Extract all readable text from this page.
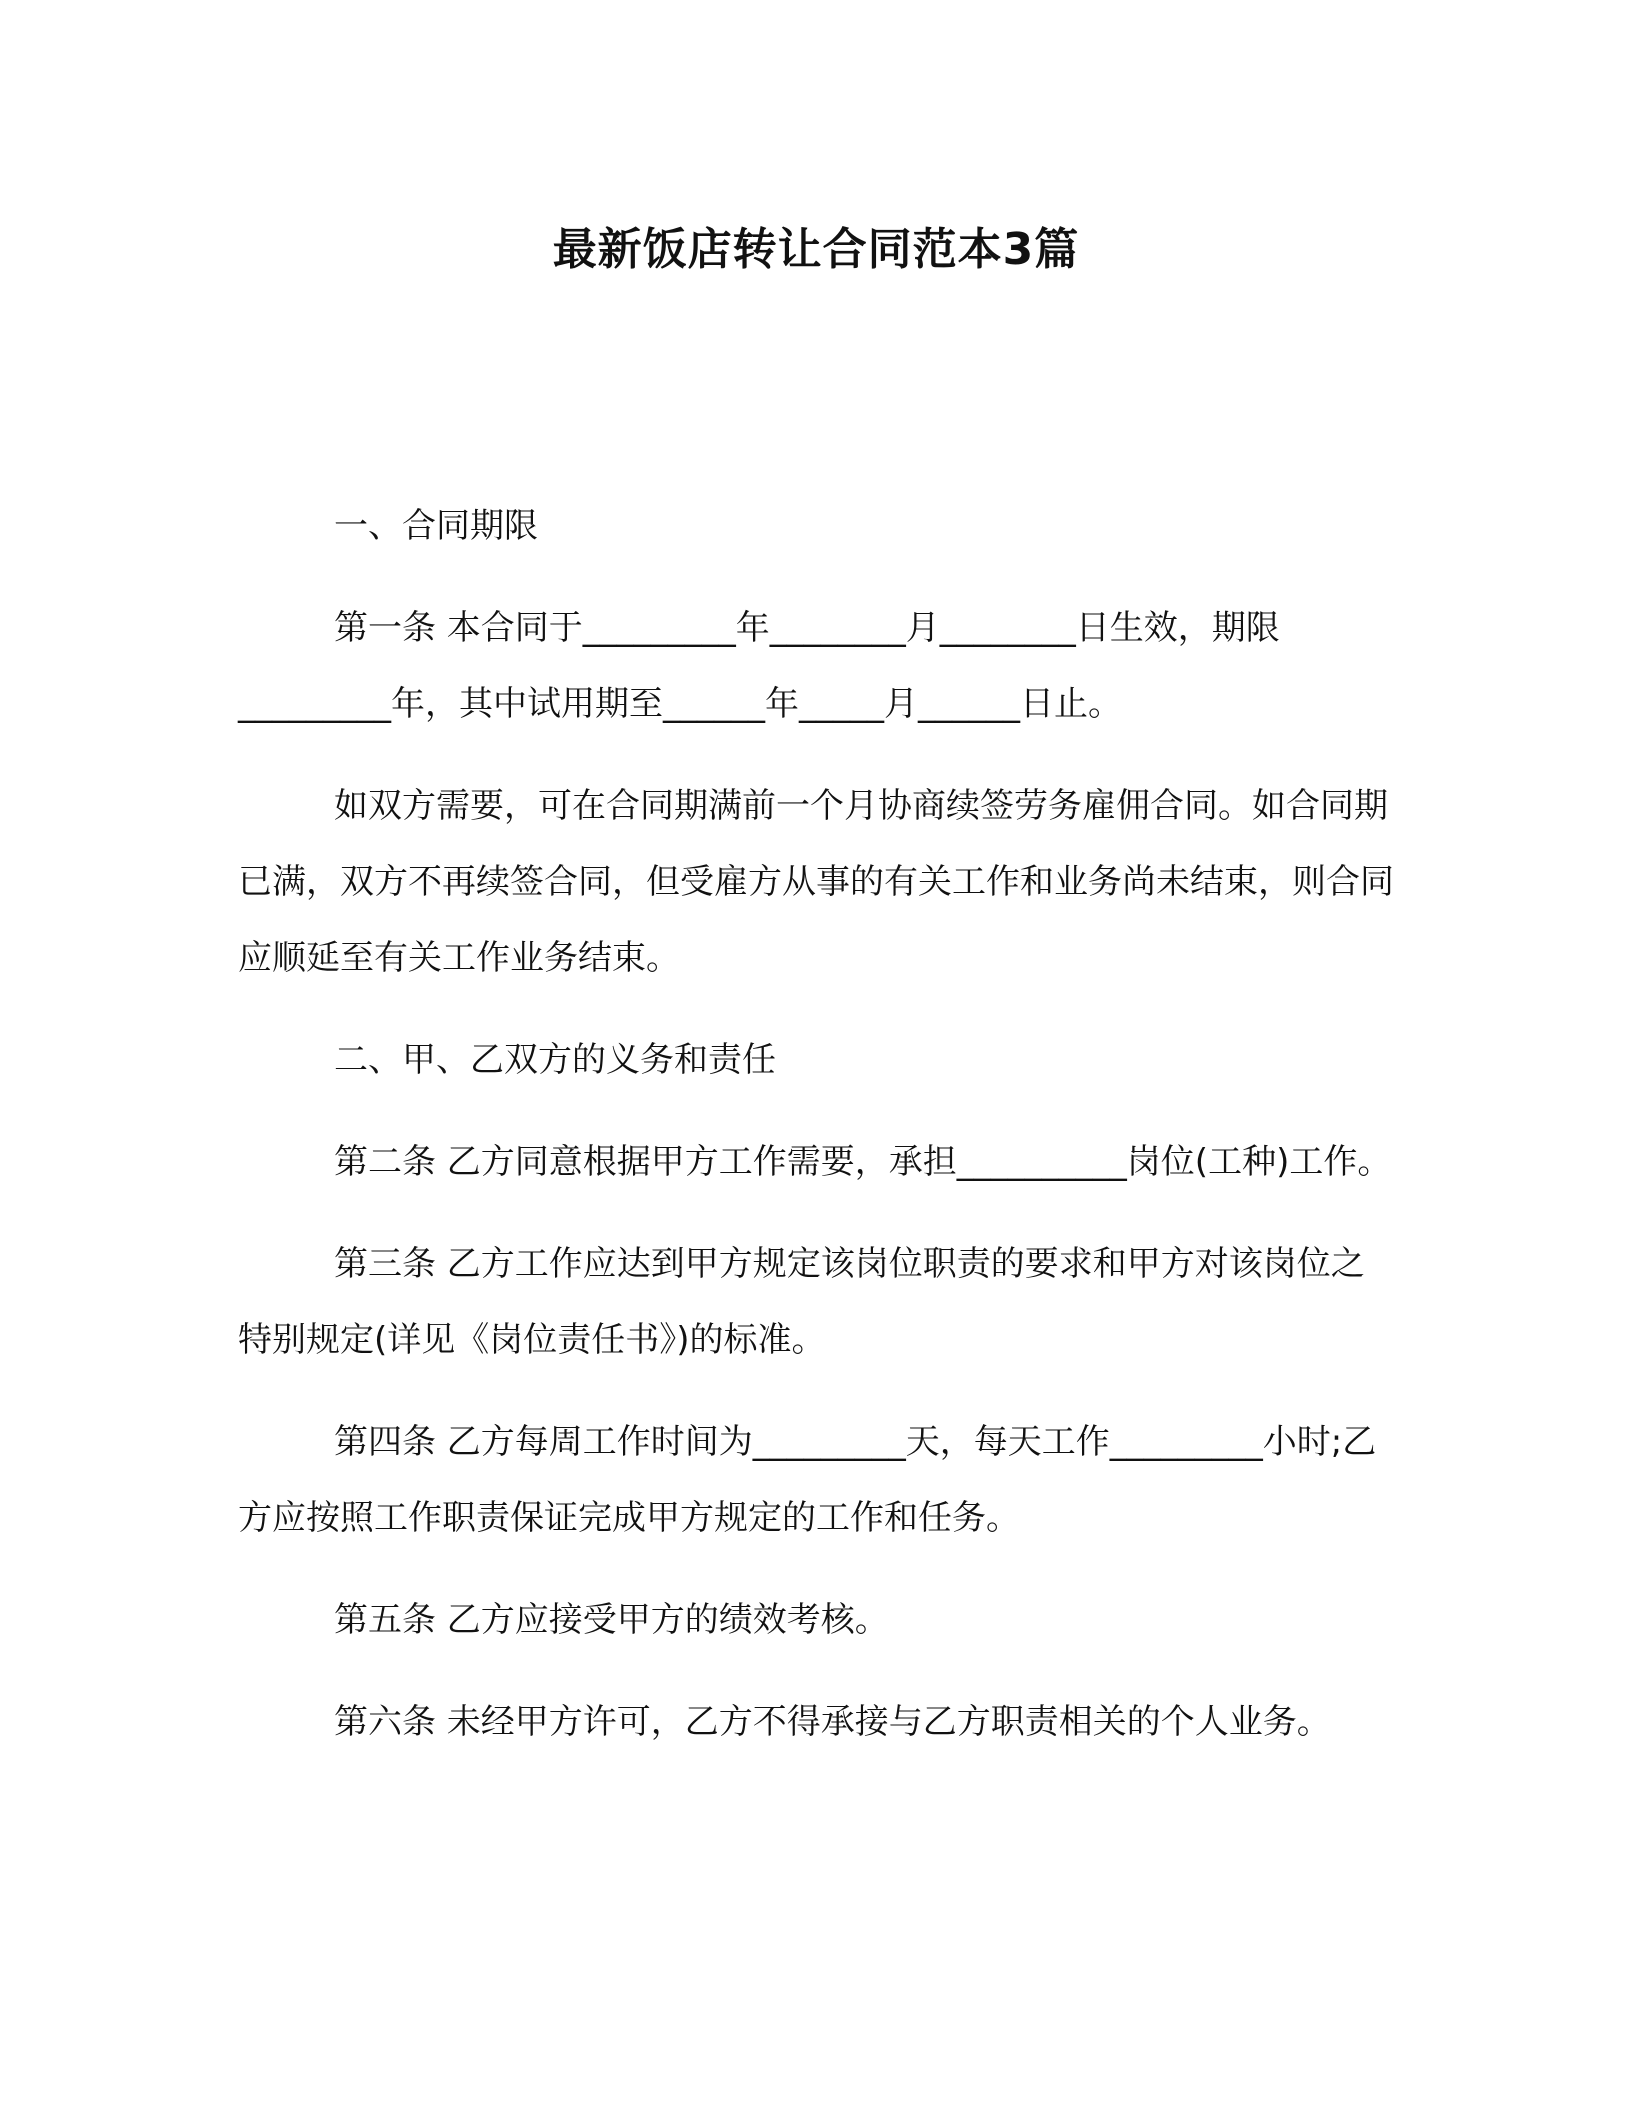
最新饭店转让合同范本3篇

一、合同期限

第一条 本合同于_________年________月________日生效，期限_________年，其中试用期至______年_____月______日止。

如双方需要，可在合同期满前一个月协商续签劳务雇佣合同。如合同期已满，双方不再续签合同，但受雇方从事的有关工作和业务尚未结束，则合同应顺延至有关工作业务结束。

二、甲、乙双方的义务和责任

第二条 乙方同意根据甲方工作需要，承担__________岗位(工种)工作。

第三条 乙方工作应达到甲方规定该岗位职责的要求和甲方对该岗位之特别规定(详见《岗位责任书》)的标准。

第四条 乙方每周工作时间为_________天，每天工作_________小时;乙方应按照工作职责保证完成甲方规定的工作和任务。

第五条 乙方应接受甲方的绩效考核。

第六条 未经甲方许可，乙方不得承接与乙方职责相关的个人业务。
